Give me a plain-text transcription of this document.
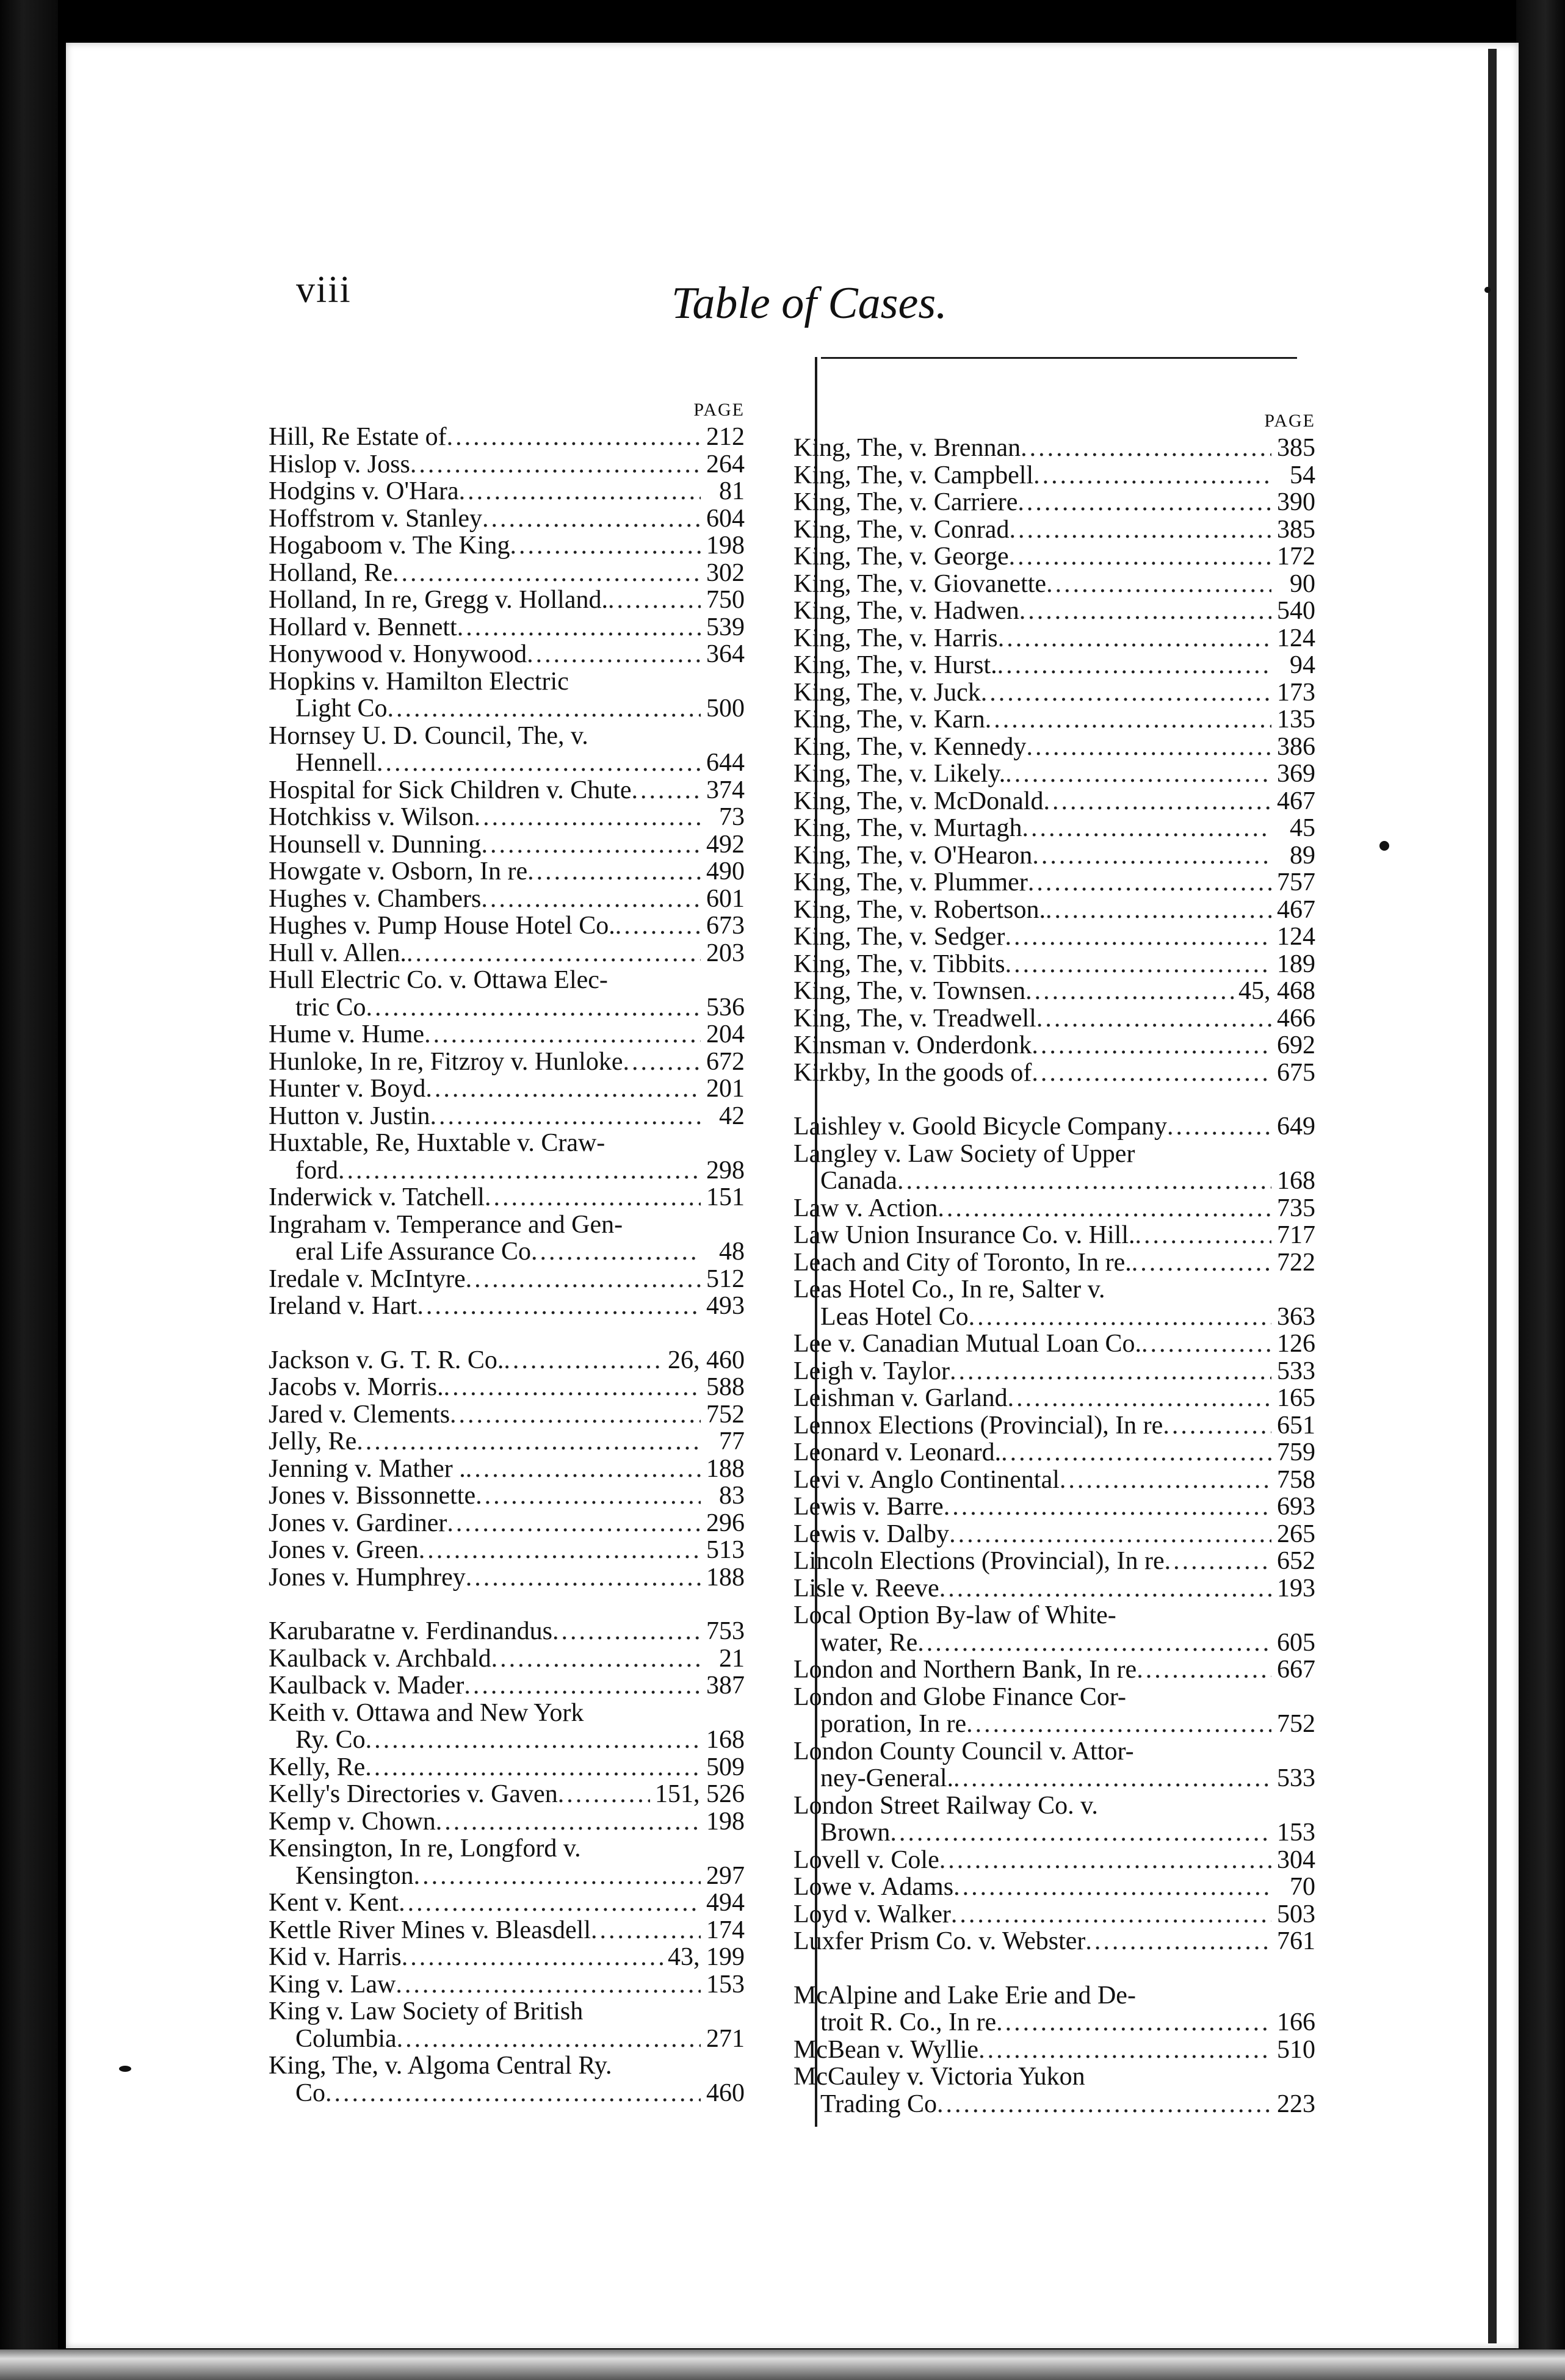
viii	Table of Cases.
PAGE
Hill, Re Estate of .....	212
Hislop v. Joss .....	264
Hodgins v. O'Hara .....	81
Hoffstrom v. Stanley .....	604
Hogaboom v. The King .....	198
Holland, Re .....	302
Holland, In re, Gregg v. Holland. .....	750
Hollard v. Bennett .....	539
Honywood v. Honywood .....	364
Hopkins v. Hamilton Electric
Light Co .....	500
Hornsey U. D. Council, The, v.
Hennell .....	644
Hospital for Sick Children v. Chute .....	374
Hotchkiss v. Wilson .....	73
Hounsell v. Dunning .....	492
Howgate v. Osborn, In re .....	490
Hughes v. Chambers .....	601
Hughes v. Pump House Hotel Co. .....	673
Hull v. Allen. .....	203
Hull Electric Co. v. Ottawa Elec-
tric Co .....	536
Hume v. Hume .....	204
Hunloke, In re, Fitzroy v. Hunloke .....	672
Hunter v. Boyd .....	201
Hutton v. Justin .....	42
Huxtable, Re, Huxtable v. Craw-
ford .....	298
Inderwick v. Tatchell .....	151
Ingraham v. Temperance and Gen-
eral Life Assurance Co .....	48
Iredale v. McIntyre .....	512
Ireland v. Hart .....	493
Jackson v. G. T. R. Co. .....	26, 460
Jacobs v. Morris. .....	588
Jared v. Clements .....	752
Jelly, Re .....	77
Jenning v. Mather . .....	188
Jones v. Bissonnette .....	83
Jones v. Gardiner .....	296
Jones v. Green .....	513
Jones v. Humphrey .....	188
Karubaratne v. Ferdinandus .....	753
Kaulback v. Archbald .....	21
Kaulback v. Mader .....	387
Keith v. Ottawa and New York
Ry. Co .....	168
Kelly, Re .....	509
Kelly's Directories v. Gaven .....	151, 526
Kemp v. Chown .....	198
Kensington, In re, Longford v.
Kensington .....	297
Kent v. Kent .....	494
Kettle River Mines v. Bleasdell .....	174
Kid v. Harris .....	43, 199
King v. Law .....	153
King v. Law Society of British
Columbia .....	271
King, The, v. Algoma Central Ry.
Co .....	460
PAGE
King, The, v. Brennan .....	385
King, The, v. Campbell .....	54
King, The, v. Carriere .....	390
King, The, v. Conrad .....	385
King, The, v. George .....	172
King, The, v. Giovanette .....	90
King, The, v. Hadwen .....	540
King, The, v. Harris .....	124
King, The, v. Hurst. .....	94
King, The, v. Juck .....	173
King, The, v. Karn .....	135
King, The, v. Kennedy .....	386
King, The, v. Likely. .....	369
King, The, v. McDonald .....	467
King, The, v. Murtagh .....	45
King, The, v. O'Hearon .....	89
King, The, v. Plummer .....	757
King, The, v. Robertson. .....	467
King, The, v. Sedger .....	124
King, The, v. Tibbits .....	189
King, The, v. Townsen .....	45, 468
King, The, v. Treadwell .....	466
Kinsman v. Onderdonk .....	692
Kirkby, In the goods of .....	675
Laishley v. Goold Bicycle Company .....	649
Langley v. Law Society of Upper
Canada .....	168
Law v. Action .....	735
Law Union Insurance Co. v. Hill. .....	717
Leach and City of Toronto, In re. .....	722
Leas Hotel Co., In re, Salter v.
Leas Hotel Co .....	363
Lee v. Canadian Mutual Loan Co. .....	126
Leigh v. Taylor .....	533
Leishman v. Garland .....	165
Lennox Elections (Provincial), In re .....	651
Leonard v. Leonard. .....	759
Levi v. Anglo Continental .....	758
Lewis v. Barre .....	693
Lewis v. Dalby .....	265
Lincoln Elections (Provincial), In re .....	652
Lisle v. Reeve .....	193
Local Option By-law of White-
water, Re .....	605
London and Northern Bank, In re .....	667
London and Globe Finance Cor-
poration, In re .....	752
London County Council v. Attor-
ney-General. .....	533
London Street Railway Co. v.
Brown .....	153
Lovell v. Cole .....	304
Lowe v. Adams .....	70
Loyd v. Walker .....	503
Luxfer Prism Co. v. Webster .....	761
McAlpine and Lake Erie and De-
troit R. Co., In re .....	166
McBean v. Wyllie .....	510
McCauley v. Victoria Yukon
Trading Co .....	223
